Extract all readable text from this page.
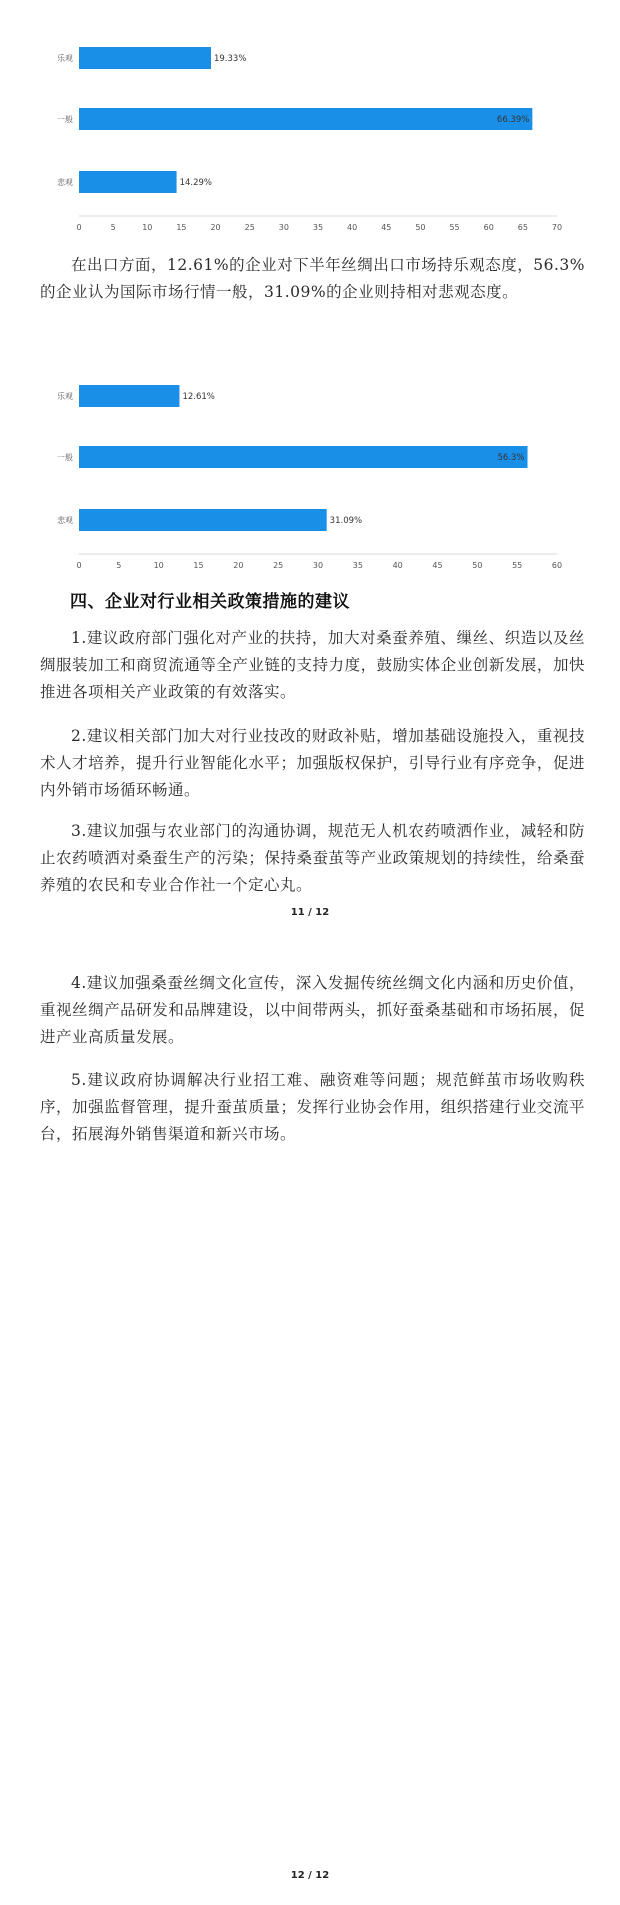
0	5	10	15	20	25	30	35	40	45	50	55	60	65	70
乐观	19.33%
一般	66.39%
悲观	14.29%
在出口方面，12.61%的企业对下半年丝绸出口市场持乐观态度，56.3%的企业认为国际市场行情一般，31.09%的企业则持相对悲观态度。
0	5	10	15	20	25	30	35	40	45	50	55	60
乐观	12.61%
一般	56.3%
悲观	31.09%
四、企业对行业相关政策措施的建议
1.建议政府部门强化对产业的扶持，加大对桑蚕养殖、缫丝、织造以及丝绸服装加工和商贸流通等全产业链的支持力度，鼓励实体企业创新发展，加快推进各项相关产业政策的有效落实。
2.建议相关部门加大对行业技改的财政补贴，增加基础设施投入，重视技术人才培养，提升行业智能化水平；加强版权保护，引导行业有序竞争，促进内外销市场循环畅通。
3.建议加强与农业部门的沟通协调，规范无人机农药喷洒作业，减轻和防止农药喷洒对桑蚕生产的污染；保持桑蚕茧等产业政策规划的持续性，给桑蚕养殖的农民和专业合作社一个定心丸。
11 / 12
4.建议加强桑蚕丝绸文化宣传，深入发掘传统丝绸文化内涵和历史价值，重视丝绸产品研发和品牌建设，以中间带两头，抓好蚕桑基础和市场拓展，促进产业高质量发展。
5.建议政府协调解决行业招工难、融资难等问题；规范鲜茧市场收购秩序，加强监督管理，提升蚕茧质量；发挥行业协会作用，组织搭建行业交流平台，拓展海外销售渠道和新兴市场。
12 / 12
